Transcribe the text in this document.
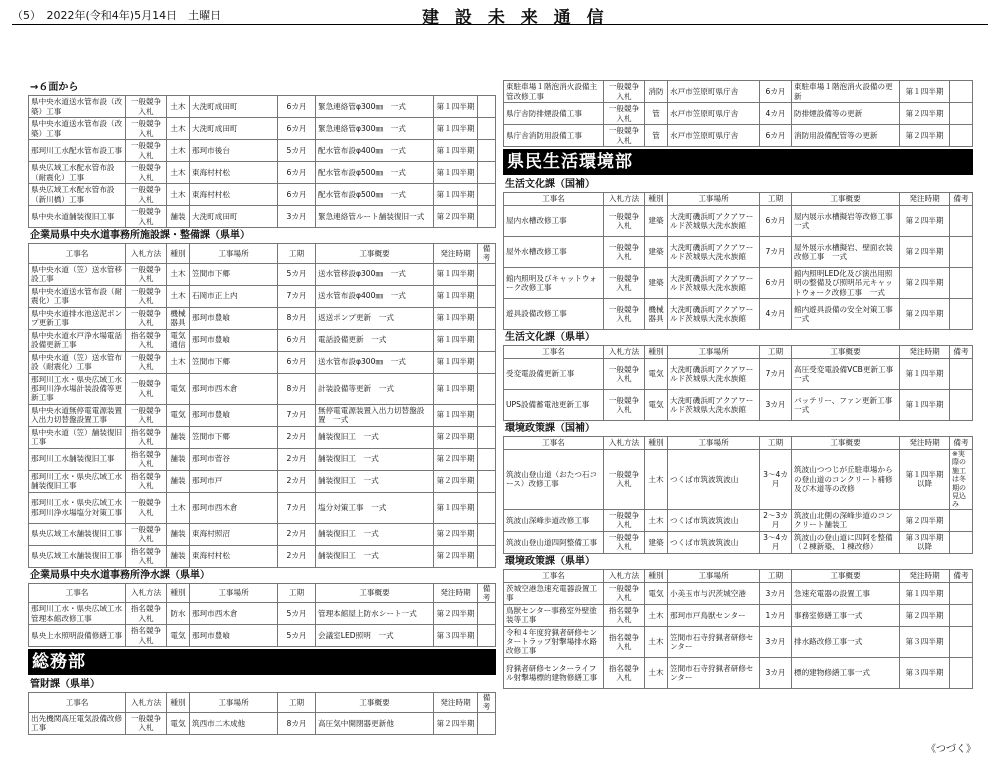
（5）　2022年(令和4年)5月14日　土曜日	建 設 未 来 通 信
→６面から
県中央水道送水管布設（改築）工事	一般競争入札	土木	大洗町成田町	6カ月	緊急連絡管φ300㎜　一式	第１四半期	
県中央水道送水管布設（改築）工事	一般競争入札	土木	大洗町成田町	6カ月	緊急連絡管φ300㎜　一式	第１四半期	
那珂川工水配水管布設工事	一般競争入札	土木	那珂市後台	5カ月	配水管布設φ400㎜　一式	第１四半期	
県央広域工水配水管布設（耐震化）工事	一般競争入札	土木	東海村村松	6カ月	配水管布設φ500㎜　一式	第１四半期	
県央広域工水配水管布設（新川橋）工事	一般競争入札	土木	東海村村松	6カ月	配水管布設φ500㎜　一式	第１四半期	
県中央水道舗装復旧工事	一般競争入札	舗装	大洗町成田町	3カ月	緊急連絡管ルート舗装復旧一式	第２四半期	
企業局県中央水道事務所施設課・整備課（県単）
工事名	入札方法	種別	工事場所	工期	工事概要	発注時期	備考
県中央水道（笠）送水管移設工事	一般競争入札	土木	笠間市下郷	5カ月	送水管移設φ300㎜　一式	第１四半期	
県中央水道送水管布設（耐震化）工事	一般競争入札	土木	石岡市正上内	7カ月	送水管布設φ400㎜　一式	第１四半期	
県中央水道排水池送泥ポンプ更新工事	一般競争入札	機械器具	那珂市豊喰	8カ月	返送ポンプ更新　一式	第１四半期	
県中央水道水戸浄水場電話設備更新工事	指名競争入札	電気通信	那珂市豊喰	6カ月	電話設備更新　一式	第１四半期	
県中央水道（笠）送水管布設（耐震化）工事	一般競争入札	土木	笠間市下郷	6カ月	送水管布設φ300㎜　一式	第１四半期	
那珂川工水・県央広域工水那珂川浄水場計装設備等更新工事	一般競争入札	電気	那珂市西木倉	8カ月	計装設備等更新　一式	第１四半期	
県中央水道無停電電源装置入出力切替盤設置工事	一般競争入札	電気	那珂市豊喰	7カ月	無停電電源装置入出力切替盤設置　一式	第１四半期	
県中央水道（笠）舗装復旧工事	指名競争入札	舗装	笠間市下郷	2カ月	舗装復旧工　一式	第２四半期	
那珂川工水舗装復旧工事	指名競争入札	舗装	那珂市菅谷	2カ月	舗装復旧工　一式	第２四半期	
那珂川工水・県央広域工水舗装復旧工事	指名競争入札	舗装	那珂市戸	2カ月	舗装復旧工　一式	第２四半期	
那珂川工水・県央広域工水那珂川浄水場塩分対策工事	一般競争入札	土木	那珂市西木倉	7カ月	塩分対策工事　一式	第１四半期	
県央広域工水舗装復旧工事	一般競争入札	舗装	東海村照沼	2カ月	舗装復旧工　一式	第２四半期	
県央広域工水舗装復旧工事	指名競争入札	舗装	東海村村松	2カ月	舗装復旧工　一式	第２四半期	
企業局県中央水道事務所浄水課（県単）
工事名	入札方法	種別	工事場所	工期	工事概要	発注時期	備考
那珂川工水・県央広域工水管理本館改修工事	指名競争入札	防水	那珂市西木倉	5カ月	管理本館屋上防水シート一式	第２四半期	
県央上水照明設備修繕工事	指名競争入札	電気	那珂市豊喰	5カ月	会議室LED照明　一式	第３四半期	
総務部
管財課（県単）
工事名	入札方法	種別	工事場所	工期	工事概要	発注時期	備考
出先機関高圧電気設備改修工事	一般競争入札	電気	筑西市二木成他	8カ月	高圧気中開閉器更新他	第２四半期	
東駐車場１階泡消火設備主管改修工事	一般競争入札	消防	水戸市笠原町県庁舎	6カ月	東駐車場１階泡消火設備の更新	第１四半期	
県庁舎防排煙設備工事	一般競争入札	管	水戸市笠原町県庁舎	4カ月	防排煙設備等の更新	第２四半期	
県庁舎消防用設備工事	一般競争入札	管	水戸市笠原町県庁舎	6カ月	消防用設備配管等の更新	第２四半期	
県民生活環境部
生活文化課（国補）
工事名	入札方法	種別	工事場所	工期	工事概要	発注時期	備考
屋内水槽改修工事	一般競争入札	建築	大洗町磯浜町アクアワールド茨城県大洗水族館	6カ月	屋内展示水槽擬岩等改修工事一式	第２四半期	
屋外水槽改修工事	一般競争入札	建築	大洗町磯浜町アクアワールド茨城県大洗水族館	7カ月	屋外展示水槽擬岩、壁面衣装改修工事　一式	第２四半期	
館内照明及びキャットウォーク改修工事	一般競争入札	建築	大洗町磯浜町アクアワールド茨城県大洗水族館	6カ月	館内照明LED化及び演出用照明の整備及び照明吊元キャットウォーク改修工事　一式	第２四半期	
遊具設備改修工事	一般競争入札	機械器具	大洗町磯浜町アクアワールド茨城県大洗水族館	4カ月	館内遊具設備の安全対策工事一式	第２四半期	
生活文化課（県単）
工事名	入札方法	種別	工事場所	工期	工事概要	発注時期	備考
受変電設備更新工事	一般競争入札	電気	大洗町磯浜町アクアワールド茨城県大洗水族館	7カ月	高圧受変電設備VCB更新工事　一式	第１四半期	
UPS設備蓄電池更新工事	一般競争入札	電気	大洗町磯浜町アクアワールド茨城県大洗水族館	3カ月	バッテリー、ファン更新工事一式	第１四半期	
環境政策課（国補）
工事名	入札方法	種別	工事場所	工期	工事概要	発注時期	備考
筑波山登山道（おたつ石コース）改修工事	一般競争入札	土木	つくば市筑波筑波山	3～4カ月	筑波山つつじが丘駐車場からの登山道のコンクリート補修及び木道等の改修	第１四半期以降	※実際の施工は冬期の見込み
筑波山深峰歩道改修工事	一般競争入札	土木	つくば市筑波筑波山	2～3カ月	筑波山北側の深峰歩道のコンクリート舗装工	第２四半期	
筑波山登山道四阿整備工事	一般競争入札	建築	つくば市筑波筑波山	3～4カ月	筑波山の登山道に四阿を整備（２棟新築、１棟改修）	第３四半期以降	
環境政策課（県単）
工事名	入札方法	種別	工事場所	工期	工事概要	発注時期	備考
茨城空港急速充電器設置工事	一般競争入札	電気	小美玉市与沢茨城空港	3カ月	急速充電器の設置工事	第１四半期	
鳥獣センター事務室外壁塗装等工事	指名競争入札	土木	那珂市戸鳥獣センター	1カ月	事務室修繕工事一式	第２四半期	
令和４年度狩猟者研修センタートラップ射撃場排水路改修工事	指名競争入札	土木	笠間市石寺狩猟者研修センター	3カ月	排水路改修工事一式	第３四半期	
狩猟者研修センターライフル射撃場標的建物修繕工事	指名競争入札	土木	笠間市石寺狩猟者研修センター	3カ月	標的建物修繕工事一式	第３四半期	
《つづく》
